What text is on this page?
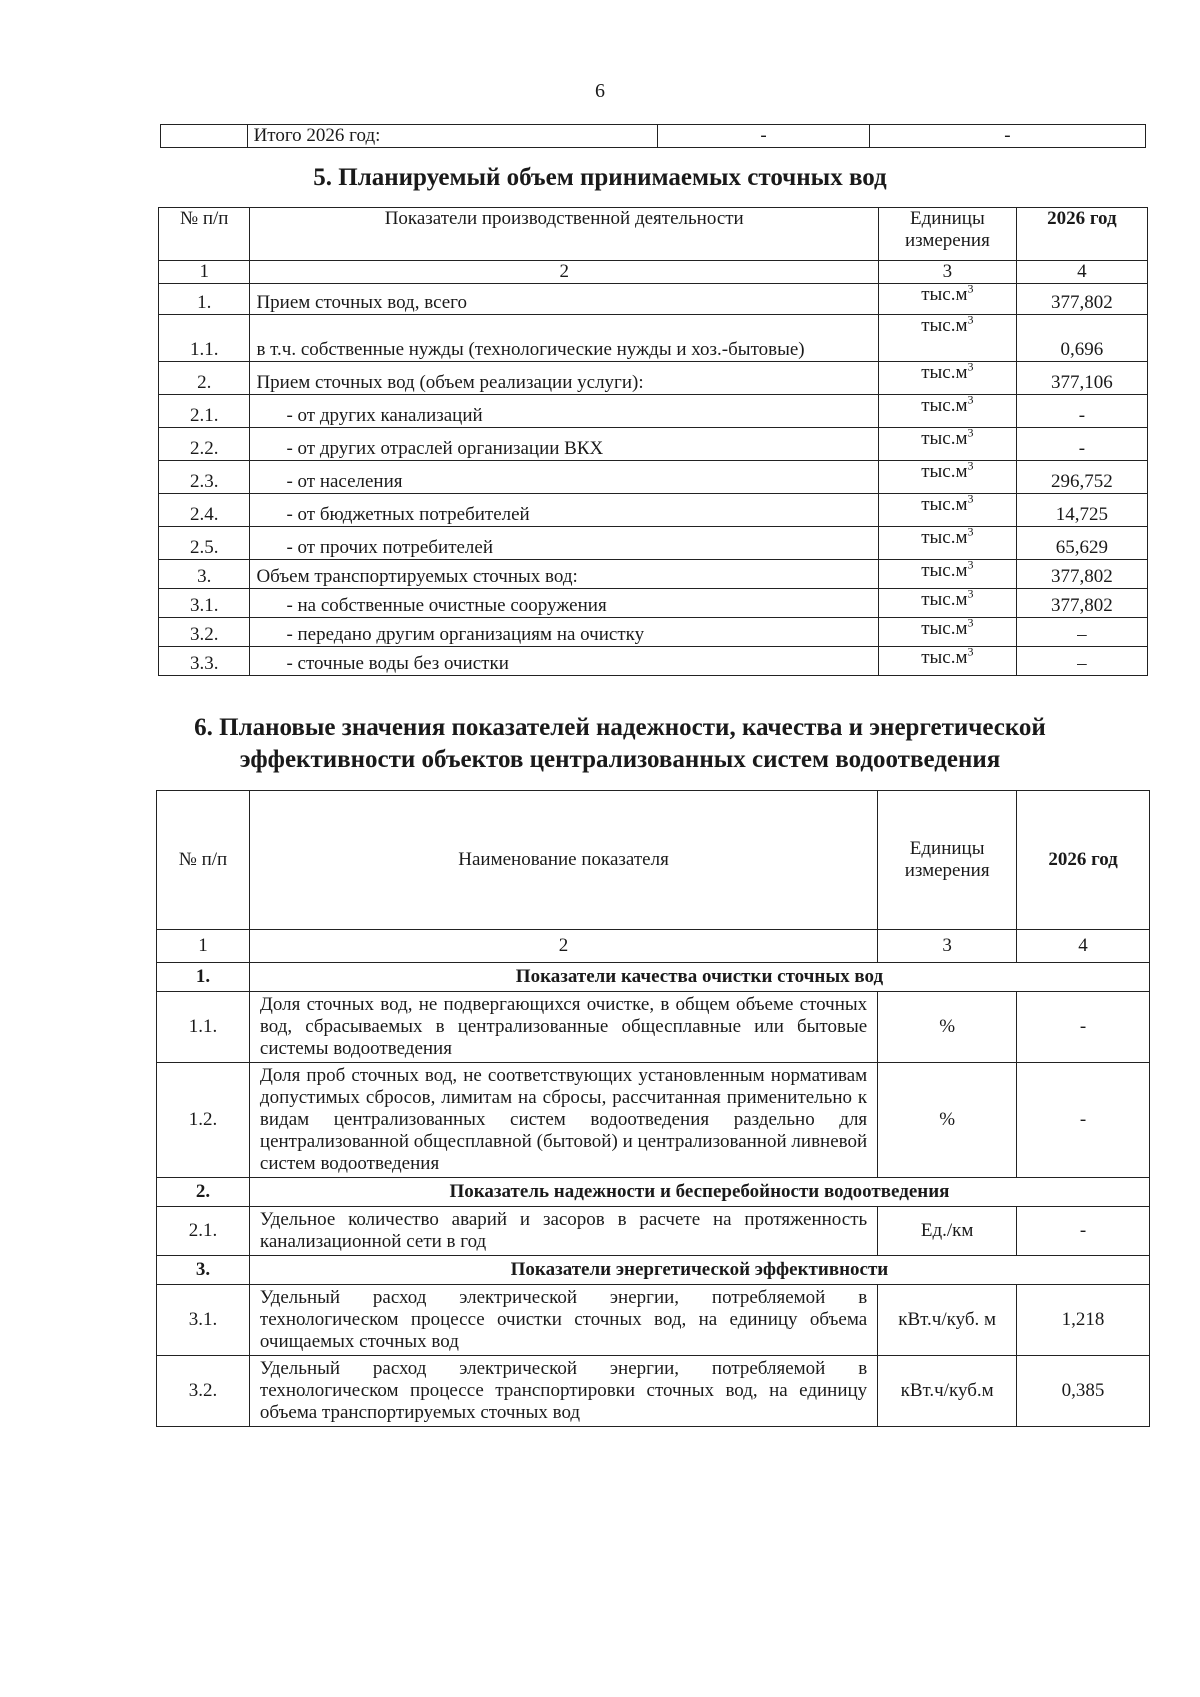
6
	Итого 2026 год:	-	-
5. Планируемый объем принимаемых сточных вод
№ п/п	Показатели производственной деятельности	Единицы измерения	2026 год
1	2	3	4
1.	Прием сточных вод, всего	$тыс.м^3$	377,802
1.1.	в т.ч. собственные нужды (технологические нужды и хоз.-бытовые)	$тыс.м^3$	0,696
2.	Прием сточных вод (объем реализации услуги):	$тыс.м^3$	377,106
2.1.	- от других канализаций	$тыс.м^3$	-
2.2.	- от других отраслей организации ВКХ	$тыс.м^3$	-
2.3.	- от населения	$тыс.м^3$	296,752
2.4.	- от бюджетных потребителей	$тыс.м^3$	14,725
2.5.	- от прочих потребителей	$тыс.м^3$	65,629
3.	Объем транспортируемых сточных вод:	$тыс.м^3$	377,802
3.1.	- на собственные очистные сооружения	$тыс.м^3$	377,802
3.2.	- передано другим организациям на очистку	$тыс.м^3$	–
3.3.	- сточные воды без очистки	$тыс.м^3$	–
6. Плановые значения показателей надежности, качества и энергетической
эффективности объектов централизованных систем водоотведения
№ п/п	Наименование показателя	Единицы измерения	2026 год
1	2	3	4
1.	Показатели качества очистки сточных вод		
1.1.	Доля сточных вод, не подвергающихся очистке, в общем объеме сточных вод, сбрасываемых в централизованные общесплавные или бытовые системы водоотведения	%	-
1.2.	Доля проб сточных вод, не соответствующих установленным нормативам допустимых сбросов, лимитам на сбросы, рассчитанная применительно к видам централизованных систем водоотведения раздельно для централизованной общесплавной (бытовой) и централизованной ливневой систем водоотведения	%	-
2.	Показатель надежности и бесперебойности водоотведения		
2.1.	Удельное количество аварий и засоров в расчете на протяженность канализационной сети в год	Ед./км	-
3.	Показатели энергетической эффективности		
3.1.	Удельный расход электрической энергии, потребляемой в технологическом процессе очистки сточных вод, на единицу объема очищаемых сточных вод	кВт.ч/куб. м	1,218
3.2.	Удельный расход электрической энергии, потребляемой в технологическом процессе транспортировки сточных вод, на единицу объема транспортируемых сточных вод	кВт.ч/куб.м	0,385
